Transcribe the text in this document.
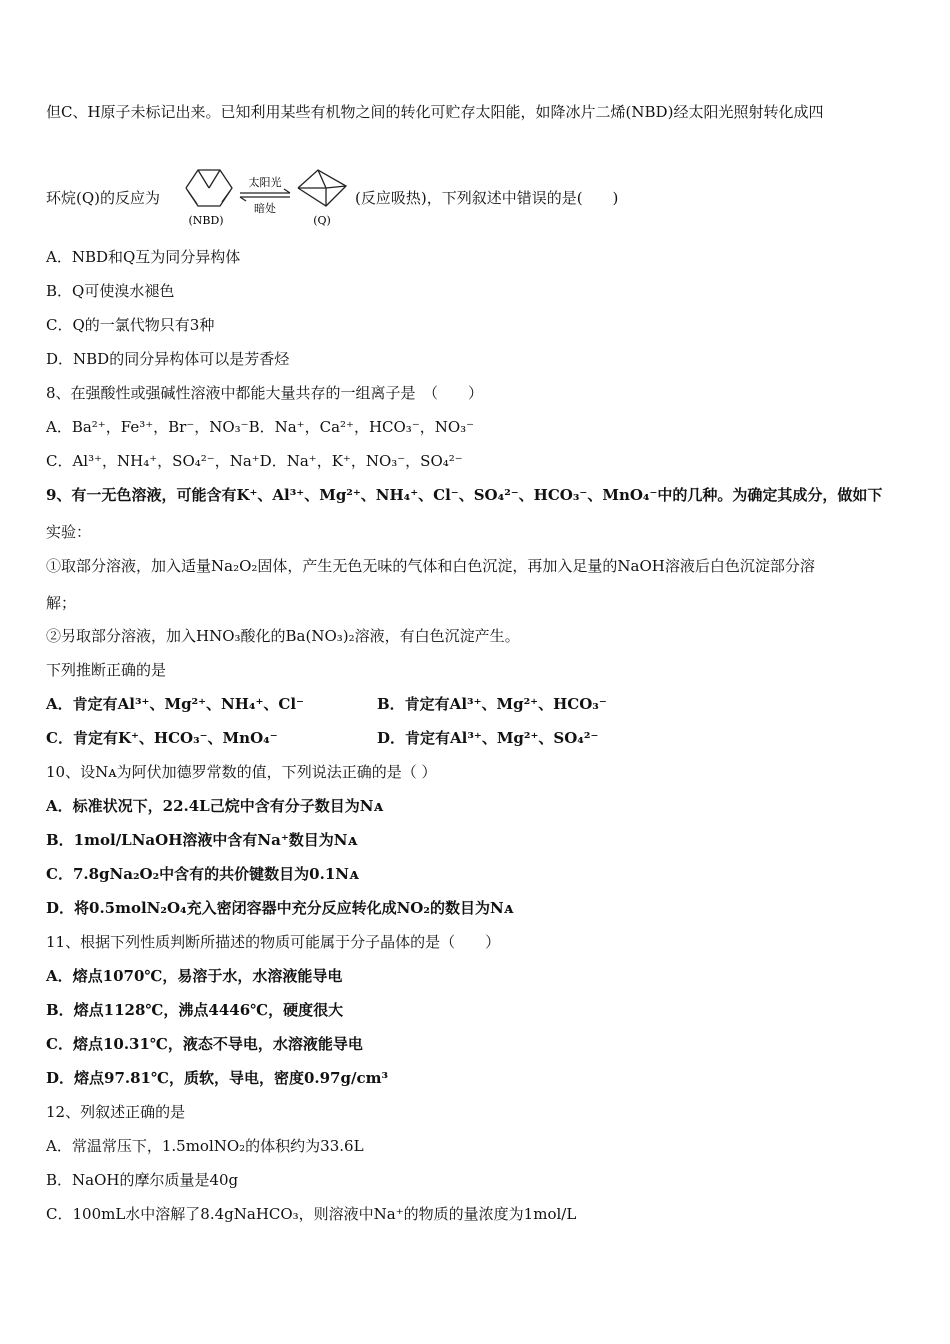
但C、H原子未标记出来。已知利用某些有机物之间的转化可贮存太阳能，如降冰片二烯(NBD)经太阳光照射转化成四
环烷(Q)的反应为
(NBD)
太阳光
暗处
(Q)
(反应吸热)，下列叙述中错误的是(　　)
A．NBD和Q互为同分异构体
B．Q可使溴水褪色
C．Q的一氯代物只有3种
D．NBD的同分异构体可以是芳香烃
8、在强酸性或强碱性溶液中都能大量共存的一组离子是　（　　）
A．Ba²⁺，Fe³⁺，Br⁻，NO₃⁻B．Na⁺，Ca²⁺，HCO₃⁻，NO₃⁻
C．Al³⁺，NH₄⁺，SO₄²⁻，Na⁺D．Na⁺，K⁺，NO₃⁻，SO₄²⁻
9、有一无色溶液，可能含有K⁺、Al³⁺、Mg²⁺、NH₄⁺、Cl⁻、SO₄²⁻、HCO₃⁻、MnO₄⁻中的几种。为确定其成分，做如下
实验：
①取部分溶液，加入适量Na₂O₂固体，产生无色无味的气体和白色沉淀，再加入足量的NaOH溶液后白色沉淀部分溶
解；
②另取部分溶液，加入HNO₃酸化的Ba(NO₃)₂溶液，有白色沉淀产生。
下列推断正确的是
A．肯定有Al³⁺、Mg²⁺、NH₄⁺、Cl⁻	B．肯定有Al³⁺、Mg²⁺、HCO₃⁻
C．肯定有K⁺、HCO₃⁻、MnO₄⁻	D．肯定有Al³⁺、Mg²⁺、SO₄²⁻
10、设Nᴀ为阿伏加德罗常数的值，下列说法正确的是（ ）
A．标准状况下，22.4L己烷中含有分子数目为Nᴀ
B．1mol/LNaOH溶液中含有Na⁺数目为Nᴀ
C．7.8gNa₂O₂中含有的共价键数目为0.1Nᴀ
D．将0.5molN₂O₄充入密闭容器中充分反应转化成NO₂的数目为Nᴀ
11、根据下列性质判断所描述的物质可能属于分子晶体的是（　　）
A．熔点1070℃，易溶于水，水溶液能导电
B．熔点1128℃，沸点4446℃，硬度很大
C．熔点10.31℃，液态不导电，水溶液能导电
D．熔点97.81℃，质软，导电，密度0.97g/cm³
12、列叙述正确的是
A．常温常压下，1.5molNO₂的体积约为33.6L
B．NaOH的摩尔质量是40g
C．100mL水中溶解了8.4gNaHCO₃，则溶液中Na⁺的物质的量浓度为1mol/L
